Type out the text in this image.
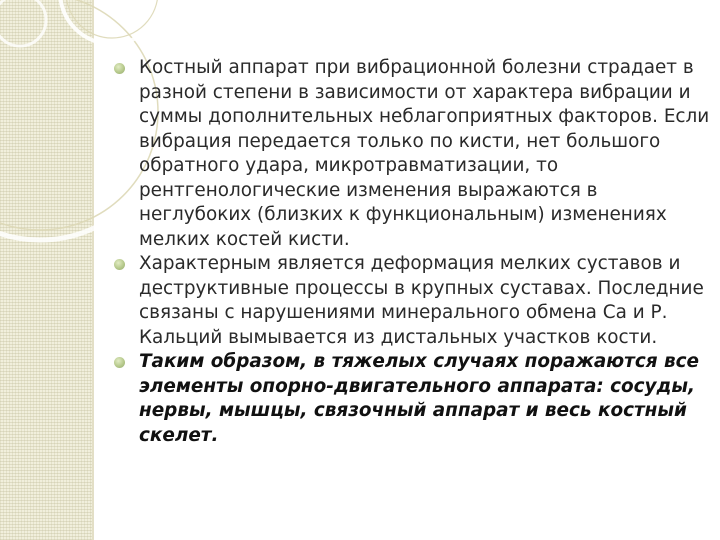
Костный аппарат при вибрационной болезни страдает в разной степени в зависимости от характера вибрации и суммы дополнительных неблагоприятных факторов. Если вибрация передается только по кисти, нет большого обратного удара, микротравматизации, то рентгенологические изменения выражаются в неглубоких (близких к функциональным) изменениях мелких костей кисти.
Характерным является деформация мелких суставов и деструктивные процессы в крупных суставах. Последние связаны с нарушениями минерального обмена Са и Р. Кальций вымывается из дистальных участков кости.
Таким образом, в тяжелых случаях поражаются все элементы опорно-двигательного аппарата: сосуды, нервы, мышцы, связочный аппарат и весь костный скелет.
